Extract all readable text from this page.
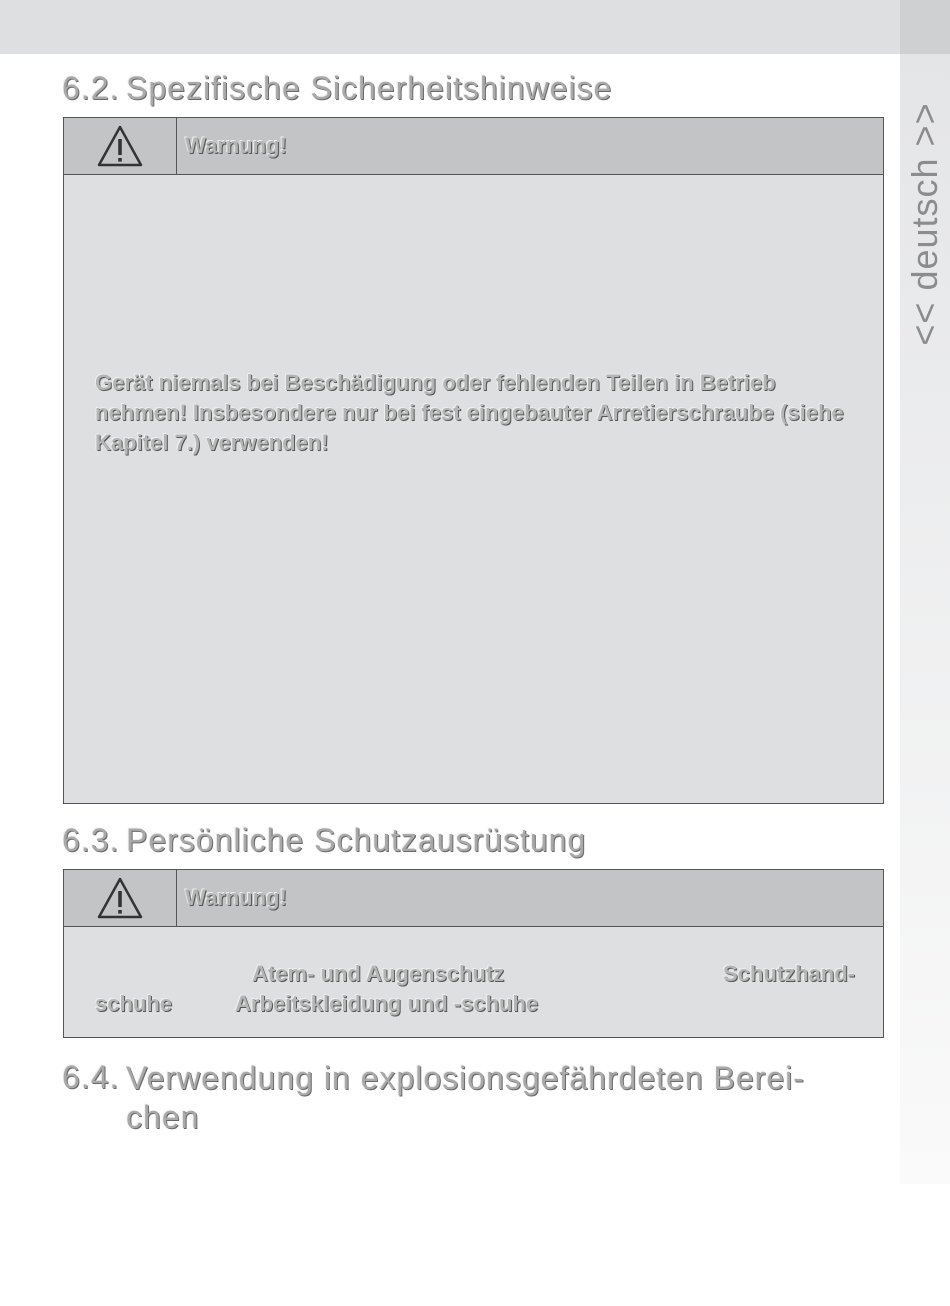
<< deutsch >>
6.2. Spezifische Sicherheitshinweise
Warnung!
Gerät niemals bei Beschädigung oder fehlenden Teilen in Betrieb nehmen! Insbesondere nur bei fest eingebauter Arretierschraube (siehe Kapitel 7.) verwenden!
6.3. Persönliche Schutzausrüstung
Warnung!
Atem- und Augenschutz	Schutzhand-
schuhe	Arbeitskleidung und -schuhe
6.4. Verwendung in explosionsgefährdeten Berei-
chen
